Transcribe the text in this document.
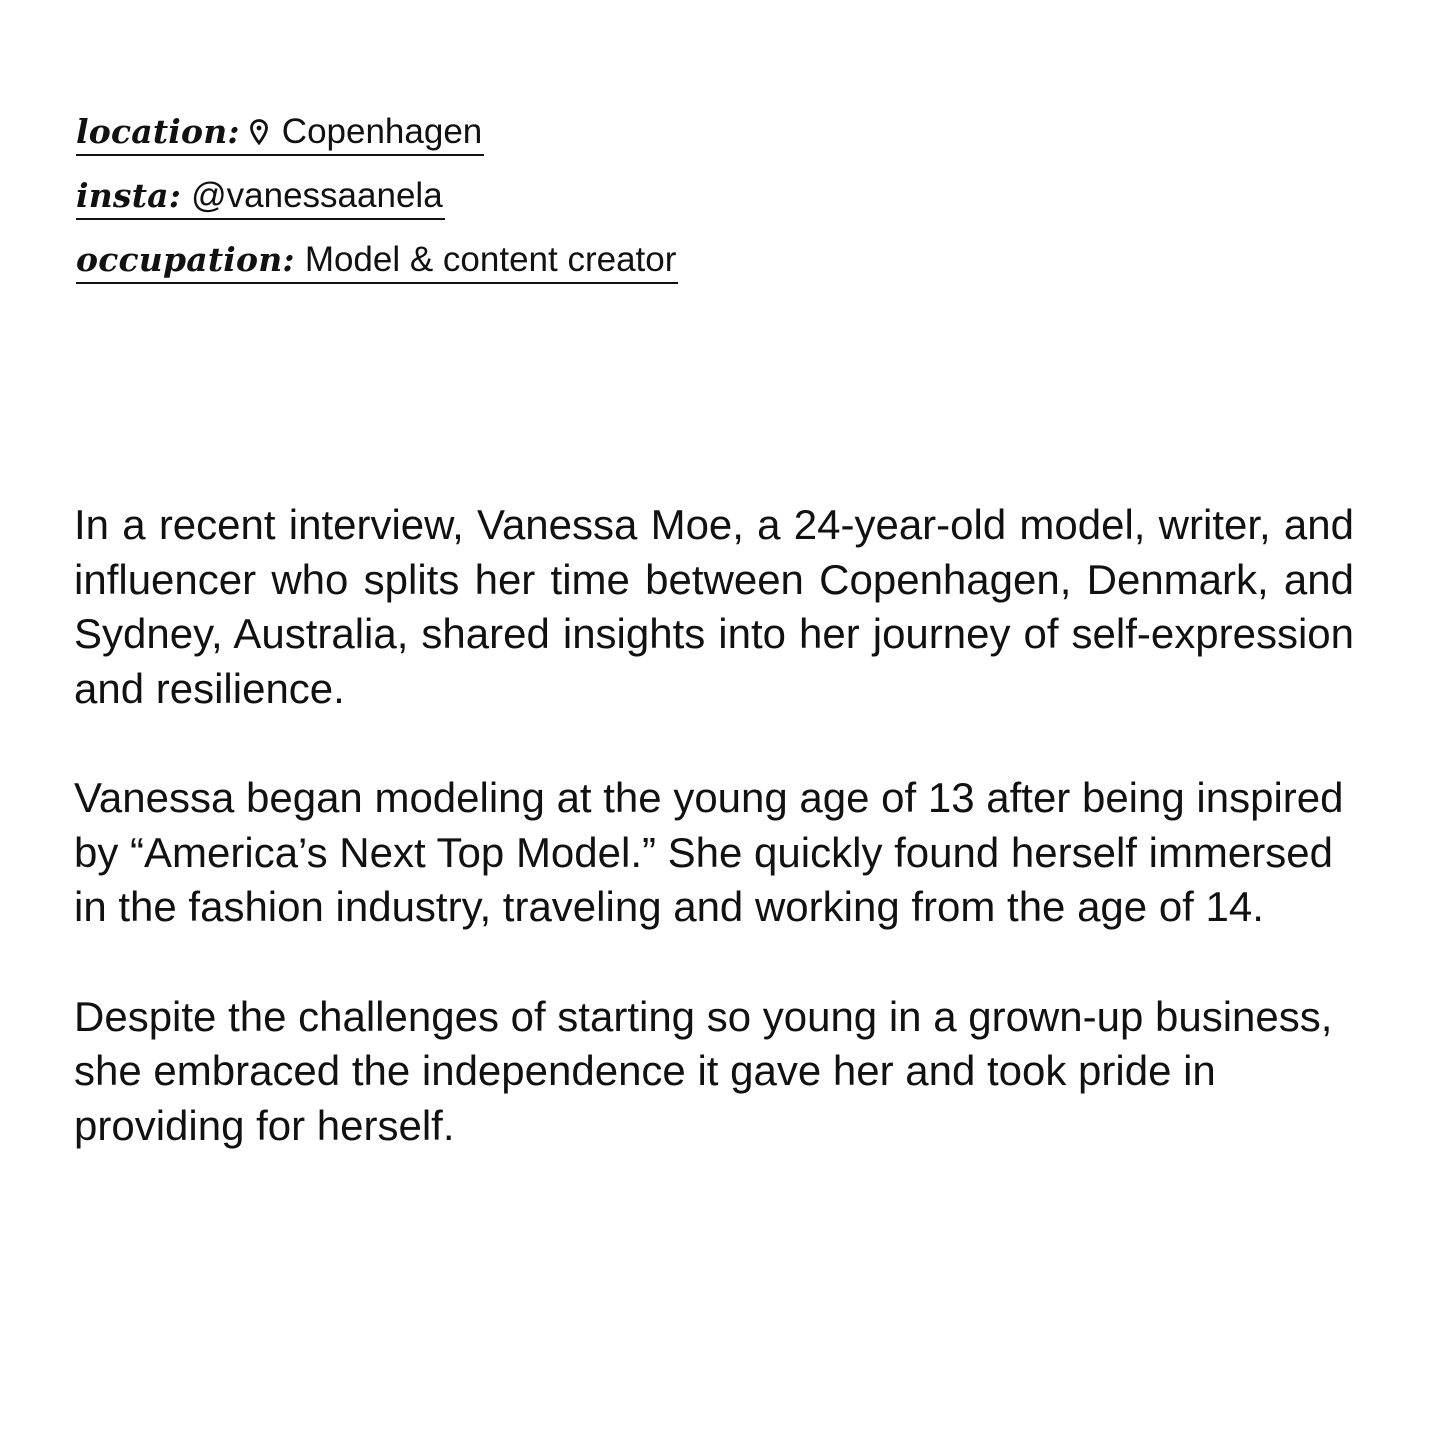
location: Copenhagen
insta: @vanessaanela
occupation: Model & content creator

In a recent interview, Vanessa Moe, a 24-year-old model, writer, and influencer who splits her time between Copenhagen, Denmark, and Sydney, Australia, shared insights into her journey of self-expression and resilience.

Vanessa began modeling at the young age of 13 after being inspired by “America’s Next Top Model.” She quickly found herself immersed in the fashion industry, traveling and working from the age of 14.

Despite the challenges of starting so young in a grown-up business, she embraced the independence it gave her and took pride in providing for herself.
